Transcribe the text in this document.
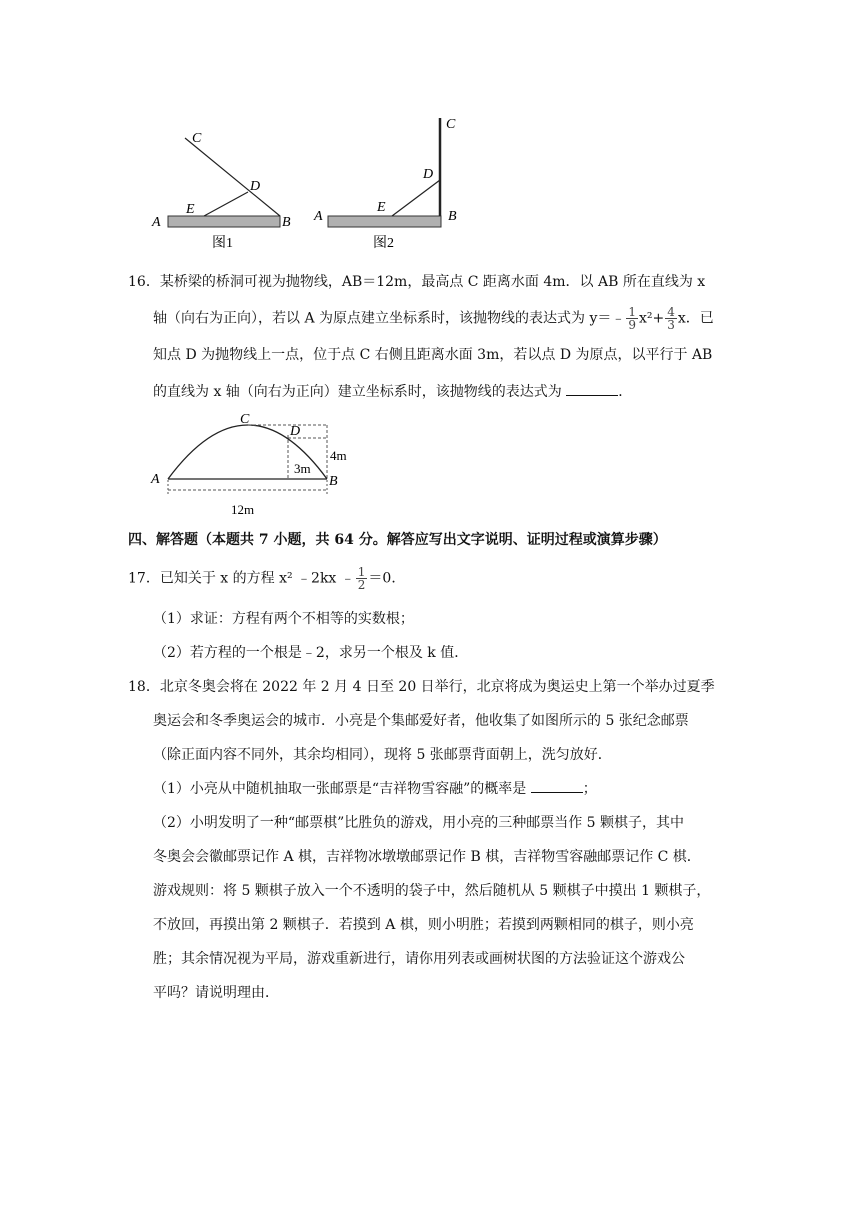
C
D
E
A	B
图1
C
D
E
A	B
图2
16．某桥梁的桥洞可视为抛物线，AB＝12m，最高点 C 距离水面 4m．以 AB 所在直线为 x
轴（向右为正向），若以 A 为原点建立坐标系时，该抛物线的表达式为 y＝﹣ $\frac{1}{9} x^2+ \frac{4}{3}$ x．已
知点 D 为抛物线上一点，位于点 C 右侧且距离水面 3m，若以点 D 为原点，以平行于 AB
的直线为 x 轴（向右为正向）建立坐标系时，该抛物线的表达式为	．
C
D
A	B
4m
3m
12m
四、解答题（本题共 7 小题，共 64 分。解答应写出文字说明、证明过程或演算步骤）
17．已知关于 x 的方程 x² ﹣2kx ﹣ $\frac{1}{2} =0$．
（1）求证：方程有两个不相等的实数根；
（2）若方程的一个根是﹣2，求另一个根及 k 值．
18．北京冬奥会将在 2022 年 2 月 4 日至 20 日举行，北京将成为奥运史上第一个举办过夏季
奥运会和冬季奥运会的城市．小亮是个集邮爱好者，他收集了如图所示的 5 张纪念邮票
（除正面内容不同外，其余均相同），现将 5 张邮票背面朝上，洗匀放好．
（1）小亮从中随机抽取一张邮票是“吉祥物雪容融”的概率是	；
（2）小明发明了一种“邮票棋”比胜负的游戏，用小亮的三种邮票当作 5 颗棋子，其中
冬奥会会徽邮票记作 A 棋，吉祥物冰墩墩邮票记作 B 棋，吉祥物雪容融邮票记作 C 棋．
游戏规则：将 5 颗棋子放入一个不透明的袋子中，然后随机从 5 颗棋子中摸出 1 颗棋子，
不放回，再摸出第 2 颗棋子．若摸到 A 棋，则小明胜；若摸到两颗相同的棋子，则小亮
胜；其余情况视为平局，游戏重新进行，请你用列表或画树状图的方法验证这个游戏公
平吗？请说明理由．
